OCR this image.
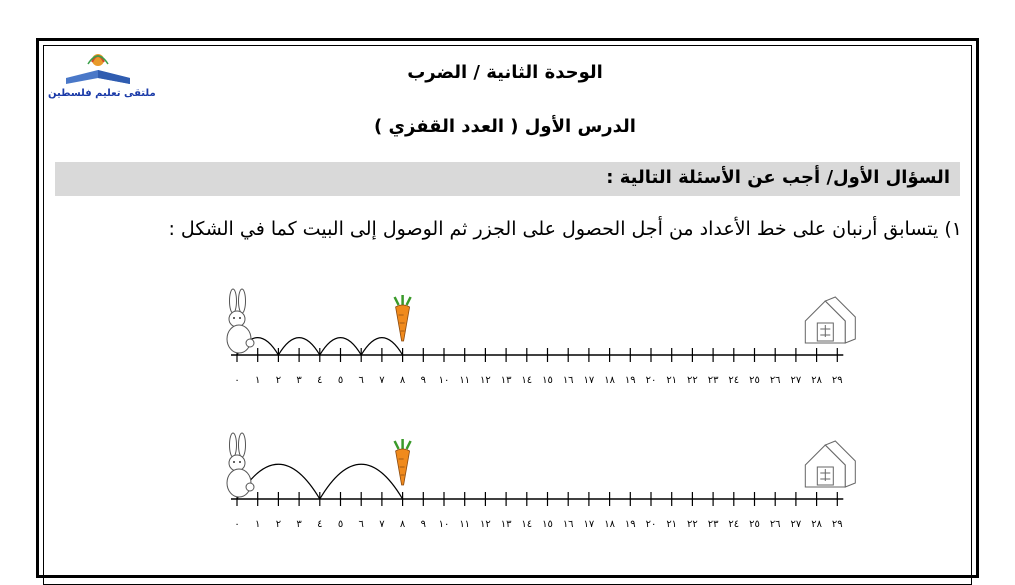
ملتقى تعليم فلسطين
الوحدة الثانية / الضرب
الدرس الأول ( العدد القفزي )
السؤال الأول/ أجب عن الأسئلة التالية :
١) يتسابق أرنبان على خط الأعداد من أجل الحصول على الجزر ثم الوصول إلى البيت كما في الشكل :
٠ ١ ٢ ٣ ٤ ٥ ٦ ٧ ٨ ٩ ١٠ ١١ ١٢ ١٣ ١٤ ١٥ ١٦ ١٧ ١٨ ١٩ ٢٠ ٢١ ٢٢ ٢٣ ٢٤ ٢٥ ٢٦ ٢٧ ٢٨ ٢٩
٠ ١ ٢ ٣ ٤ ٥ ٦ ٧ ٨ ٩ ١٠ ١١ ١٢ ١٣ ١٤ ١٥ ١٦ ١٧ ١٨ ١٩ ٢٠ ٢١ ٢٢ ٢٣ ٢٤ ٢٥ ٢٦ ٢٧ ٢٨ ٢٩
